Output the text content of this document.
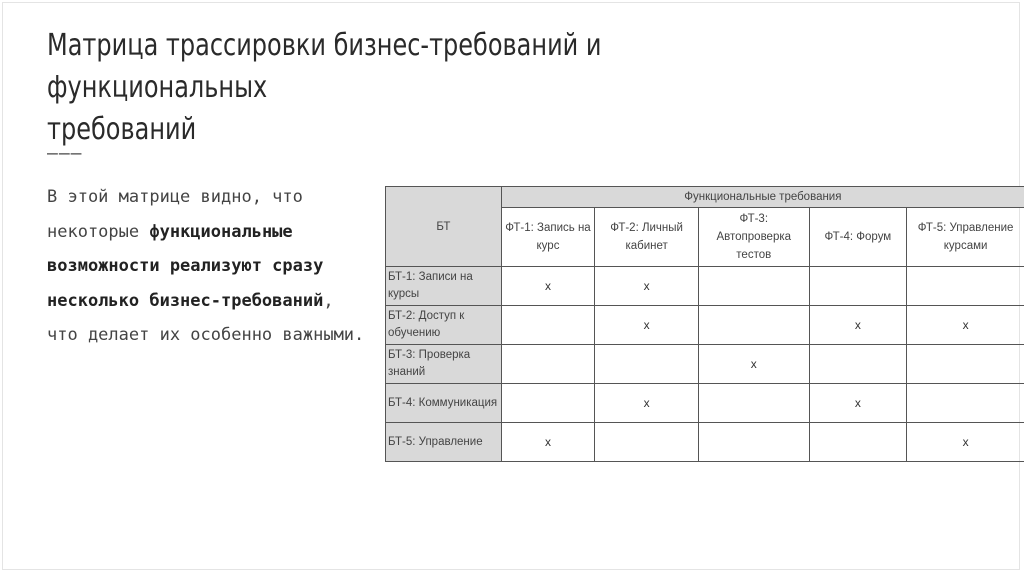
Матрица трассировки бизнес-требований и функциональных
требований
———
В этой матрице видно, что некоторые функциональные возможности реализуют сразу несколько бизнес-требований, что делает их особенно важными.
БТ	Функциональные требования				
	ФТ-1: Запись на курс	ФТ-2: Личный кабинет	ФТ-3: Автопроверка тестов	ФТ-4: Форум	ФТ-5: Управление курсами
БТ-1: Записи на курсы	x	x			
БТ-2: Доступ к обучению		x		x	x
БТ-3: Проверка знаний			x		
БТ-4: Коммуникация		x		x	
БТ-5: Управление	x				x
